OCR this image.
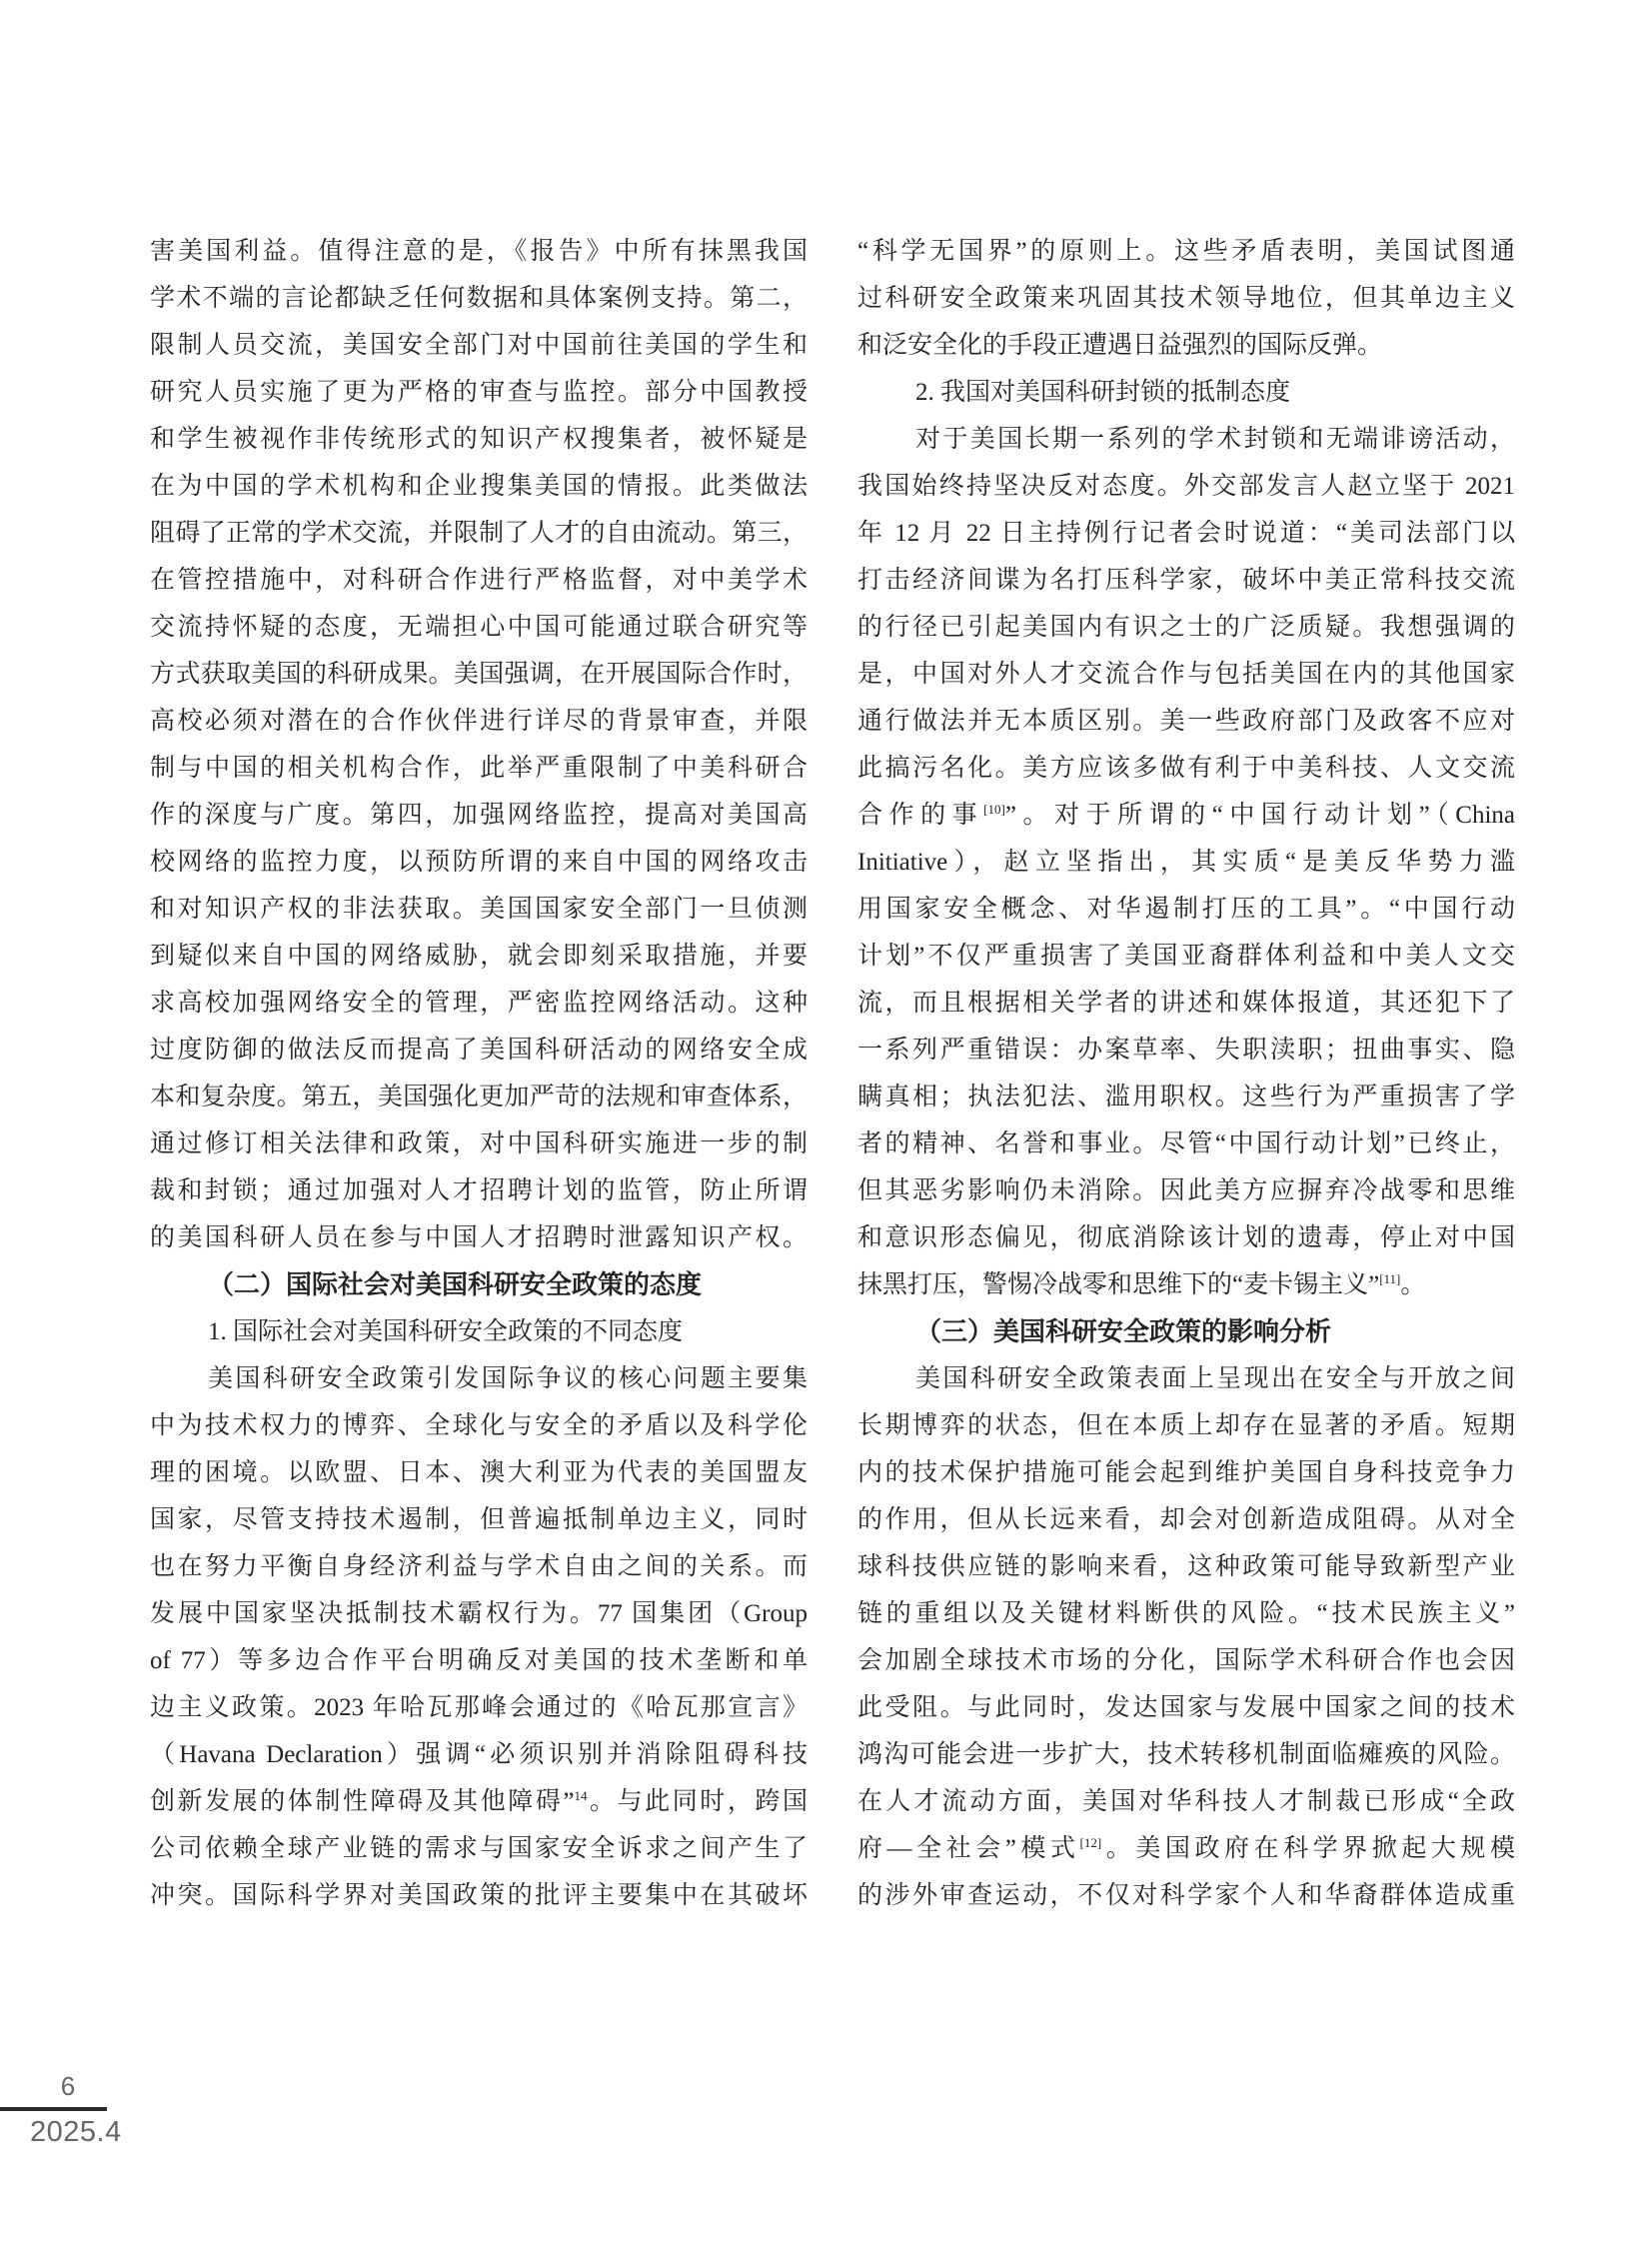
害美国利益。值得注意的是，《报告》中所有抹黑我国
学术不端的言论都缺乏任何数据和具体案例支持。第二，
限制人员交流，美国安全部门对中国前往美国的学生和
研究人员实施了更为严格的审查与监控。部分中国教授
和学生被视作非传统形式的知识产权搜集者，被怀疑是
在为中国的学术机构和企业搜集美国的情报。此类做法
阻碍了正常的学术交流，并限制了人才的自由流动。第三，
在管控措施中，对科研合作进行严格监督，对中美学术
交流持怀疑的态度，无端担心中国可能通过联合研究等
方式获取美国的科研成果。美国强调，在开展国际合作时，
高校必须对潜在的合作伙伴进行详尽的背景审查，并限
制与中国的相关机构合作，此举严重限制了中美科研合
作的深度与广度。第四，加强网络监控，提高对美国高
校网络的监控力度，以预防所谓的来自中国的网络攻击
和对知识产权的非法获取。美国国家安全部门一旦侦测
到疑似来自中国的网络威胁，就会即刻采取措施，并要
求高校加强网络安全的管理，严密监控网络活动。这种
过度防御的做法反而提高了美国科研活动的网络安全成
本和复杂度。第五，美国强化更加严苛的法规和审查体系，
通过修订相关法律和政策，对中国科研实施进一步的制
裁和封锁；通过加强对人才招聘计划的监管，防止所谓
的美国科研人员在参与中国人才招聘时泄露知识产权。
（二）国际社会对美国科研安全政策的态度
1. 国际社会对美国科研安全政策的不同态度
美国科研安全政策引发国际争议的核心问题主要集
中为技术权力的博弈、全球化与安全的矛盾以及科学伦
理的困境。以欧盟、日本、澳大利亚为代表的美国盟友
国家，尽管支持技术遏制，但普遍抵制单边主义，同时
也在努力平衡自身经济利益与学术自由之间的关系。而
发展中国家坚决抵制技术霸权行为。77 国集团（Group
of 77）等多边合作平台明确反对美国的技术垄断和单
边主义政策。2023 年哈瓦那峰会通过的《哈瓦那宣言》
（Havana Declaration）强调“必须识别并消除阻碍科技
创新发展的体制性障碍及其他障碍”$^{14}$。与此同时，跨国
公司依赖全球产业链的需求与国家安全诉求之间产生了
冲突。国际科学界对美国政策的批评主要集中在其破坏
“科学无国界”的原则上。这些矛盾表明，美国试图通
过科研安全政策来巩固其技术领导地位，但其单边主义
和泛安全化的手段正遭遇日益强烈的国际反弹。
2. 我国对美国科研封锁的抵制态度
对于美国长期一系列的学术封锁和无端诽谤活动，
我国始终持坚决反对态度。外交部发言人赵立坚于 2021
年 12 月 22 日主持例行记者会时说道：“美司法部门以
打击经济间谍为名打压科学家，破坏中美正常科技交流
的行径已引起美国内有识之士的广泛质疑。我想强调的
是，中国对外人才交流合作与包括美国在内的其他国家
通行做法并无本质区别。美一些政府部门及政客不应对
此搞污名化。美方应该多做有利于中美科技、人文交流
合作的事[10]”。对于所谓的“中国行动计划”（China
Initiative），赵立坚指出，其实质“是美反华势力滥
用国家安全概念、对华遏制打压的工具”。“中国行动
计划”不仅严重损害了美国亚裔群体利益和中美人文交
流，而且根据相关学者的讲述和媒体报道，其还犯下了
一系列严重错误：办案草率、失职渎职；扭曲事实、隐
瞒真相；执法犯法、滥用职权。这些行为严重损害了学
者的精神、名誉和事业。尽管“中国行动计划”已终止，
但其恶劣影响仍未消除。因此美方应摒弃冷战零和思维
和意识形态偏见，彻底消除该计划的遗毒，停止对中国
抹黑打压，警惕冷战零和思维下的“麦卡锡主义”[11]。
（三）美国科研安全政策的影响分析
美国科研安全政策表面上呈现出在安全与开放之间
长期博弈的状态，但在本质上却存在显著的矛盾。短期
内的技术保护措施可能会起到维护美国自身科技竞争力
的作用，但从长远来看，却会对创新造成阻碍。从对全
球科技供应链的影响来看，这种政策可能导致新型产业
链的重组以及关键材料断供的风险。“技术民族主义”
会加剧全球技术市场的分化，国际学术科研合作也会因
此受阻。与此同时，发达国家与发展中国家之间的技术
鸿沟可能会进一步扩大，技术转移机制面临瘫痪的风险。
在人才流动方面，美国对华科技人才制裁已形成“全政
府—全社会”模式[12]。美国政府在科学界掀起大规模
的涉外审查运动，不仅对科学家个人和华裔群体造成重
6
2025.4
